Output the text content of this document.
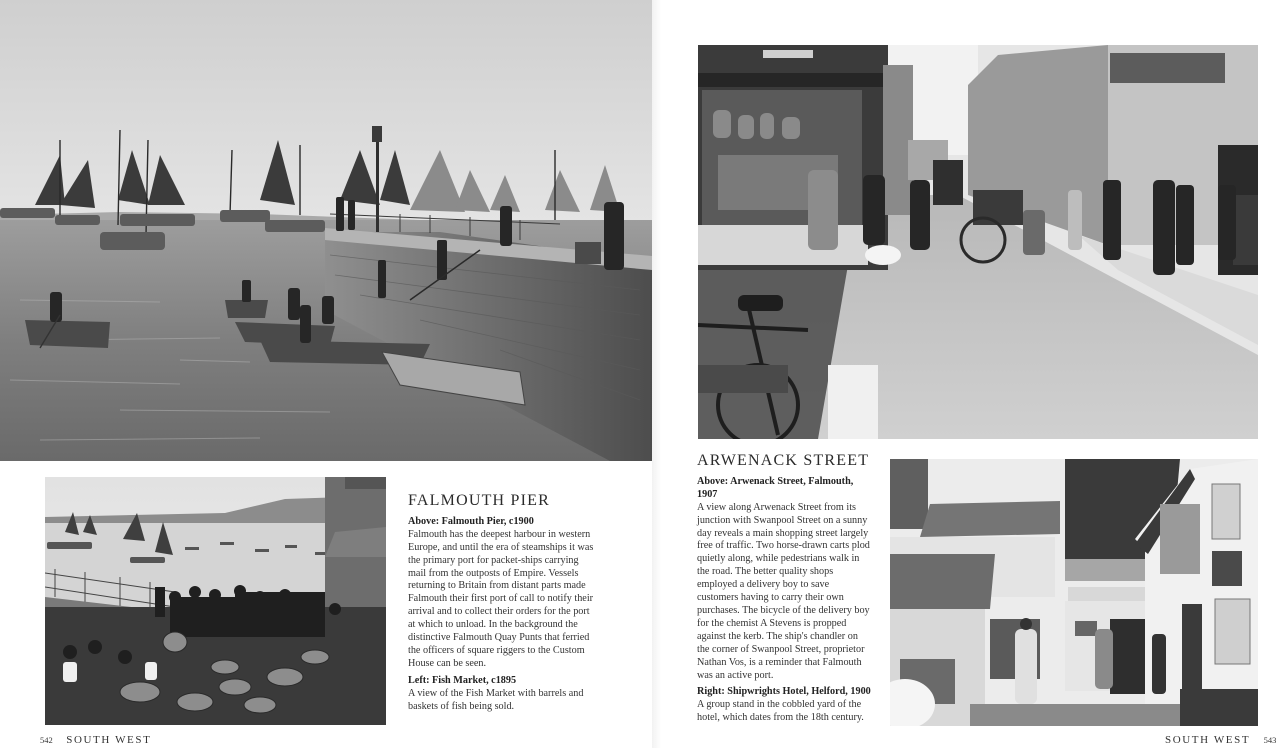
FALMOUTH PIER
Above: Falmouth Pier, c1900

Falmouth has the deepest harbour in western Europe, and until the era of steamships it was the primary port for packet-ships carrying mail from the outposts of Empire. Vessels returning to Britain from distant parts made Falmouth their first port of call to notify their arrival and to collect their orders for the port at which to unload. In the background the distinctive Falmouth Quay Punts that ferried the officers of square riggers to the Custom House can be seen.

Left: Fish Market, c1895

A view of the Fish Market with barrels and baskets of fish being sold.

542 SOUTH WEST
ARWENACK STREET
Above: Arwenack Street, Falmouth, 1907

A view along Arwenack Street from its junction with Swanpool Street on a sunny day reveals a main shopping street largely free of traffic. Two horse-drawn carts plod quietly along, while pedestrians walk in the road. The better quality shops employed a delivery boy to save customers having to carry their own purchases. The bicycle of the delivery boy for the chemist A Stevens is propped against the kerb. The ship's chandler on the corner of Swanpool Street, proprietor Nathan Vos, is a reminder that Falmouth was an active port.

Right: Shipwrights Hotel, Helford, 1900

A group stand in the cobbled yard of the hotel, which dates from the 18th century.

SOUTH WEST 543
